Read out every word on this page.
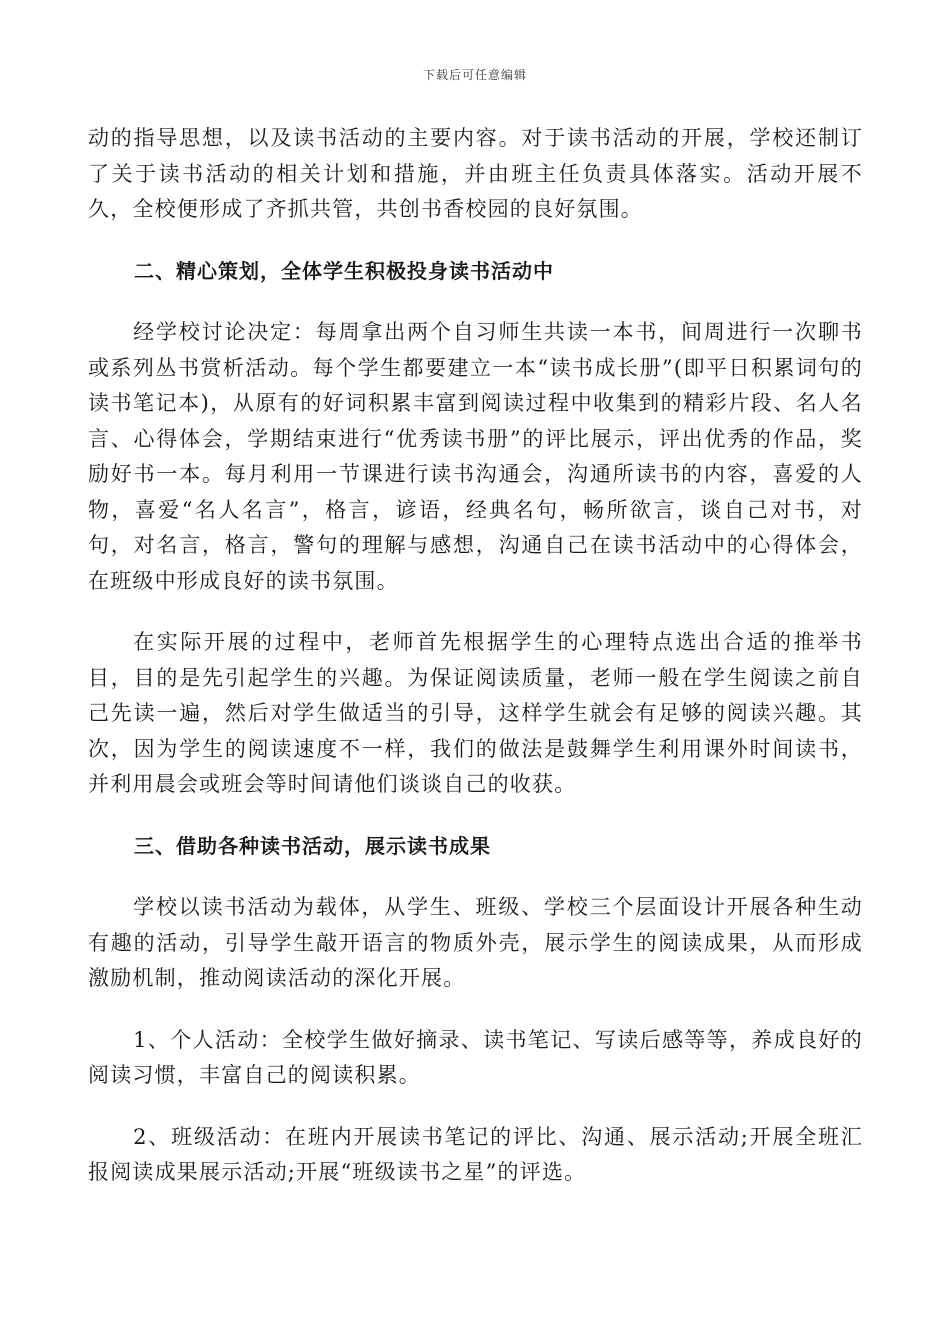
下载后可任意编辑

动的指导思想，以及读书活动的主要内容。对于读书活动的开展，学校还制订了关于读书活动的相关计划和措施，并由班主任负责具体落实。活动开展不久，全校便形成了齐抓共管，共创书香校园的良好氛围。

二、精心策划，全体学生积极投身读书活动中

经学校讨论决定：每周拿出两个自习师生共读一本书，间周进行一次聊书或系列丛书赏析活动。每个学生都要建立一本“读书成长册”(即平日积累词句的读书笔记本)，从原有的好词积累丰富到阅读过程中收集到的精彩片段、名人名言、心得体会，学期结束进行“优秀读书册”的评比展示，评出优秀的作品，奖励好书一本。每月利用一节课进行读书沟通会，沟通所读书的内容，喜爱的人物，喜爱“名人名言”，格言，谚语，经典名句，畅所欲言，谈自己对书，对句，对名言，格言，警句的理解与感想，沟通自己在读书活动中的心得体会，在班级中形成良好的读书氛围。

在实际开展的过程中，老师首先根据学生的心理特点选出合适的推举书目，目的是先引起学生的兴趣。为保证阅读质量，老师一般在学生阅读之前自己先读一遍，然后对学生做适当的引导，这样学生就会有足够的阅读兴趣。其次，因为学生的阅读速度不一样，我们的做法是鼓舞学生利用课外时间读书，并利用晨会或班会等时间请他们谈谈自己的收获。

三、借助各种读书活动，展示读书成果

学校以读书活动为载体，从学生、班级、学校三个层面设计开展各种生动有趣的活动，引导学生敲开语言的物质外壳，展示学生的阅读成果，从而形成激励机制，推动阅读活动的深化开展。

1、个人活动：全校学生做好摘录、读书笔记、写读后感等等，养成良好的阅读习惯，丰富自己的阅读积累。

2、班级活动：在班内开展读书笔记的评比、沟通、展示活动;开展全班汇报阅读成果展示活动;开展“班级读书之星”的评选。
